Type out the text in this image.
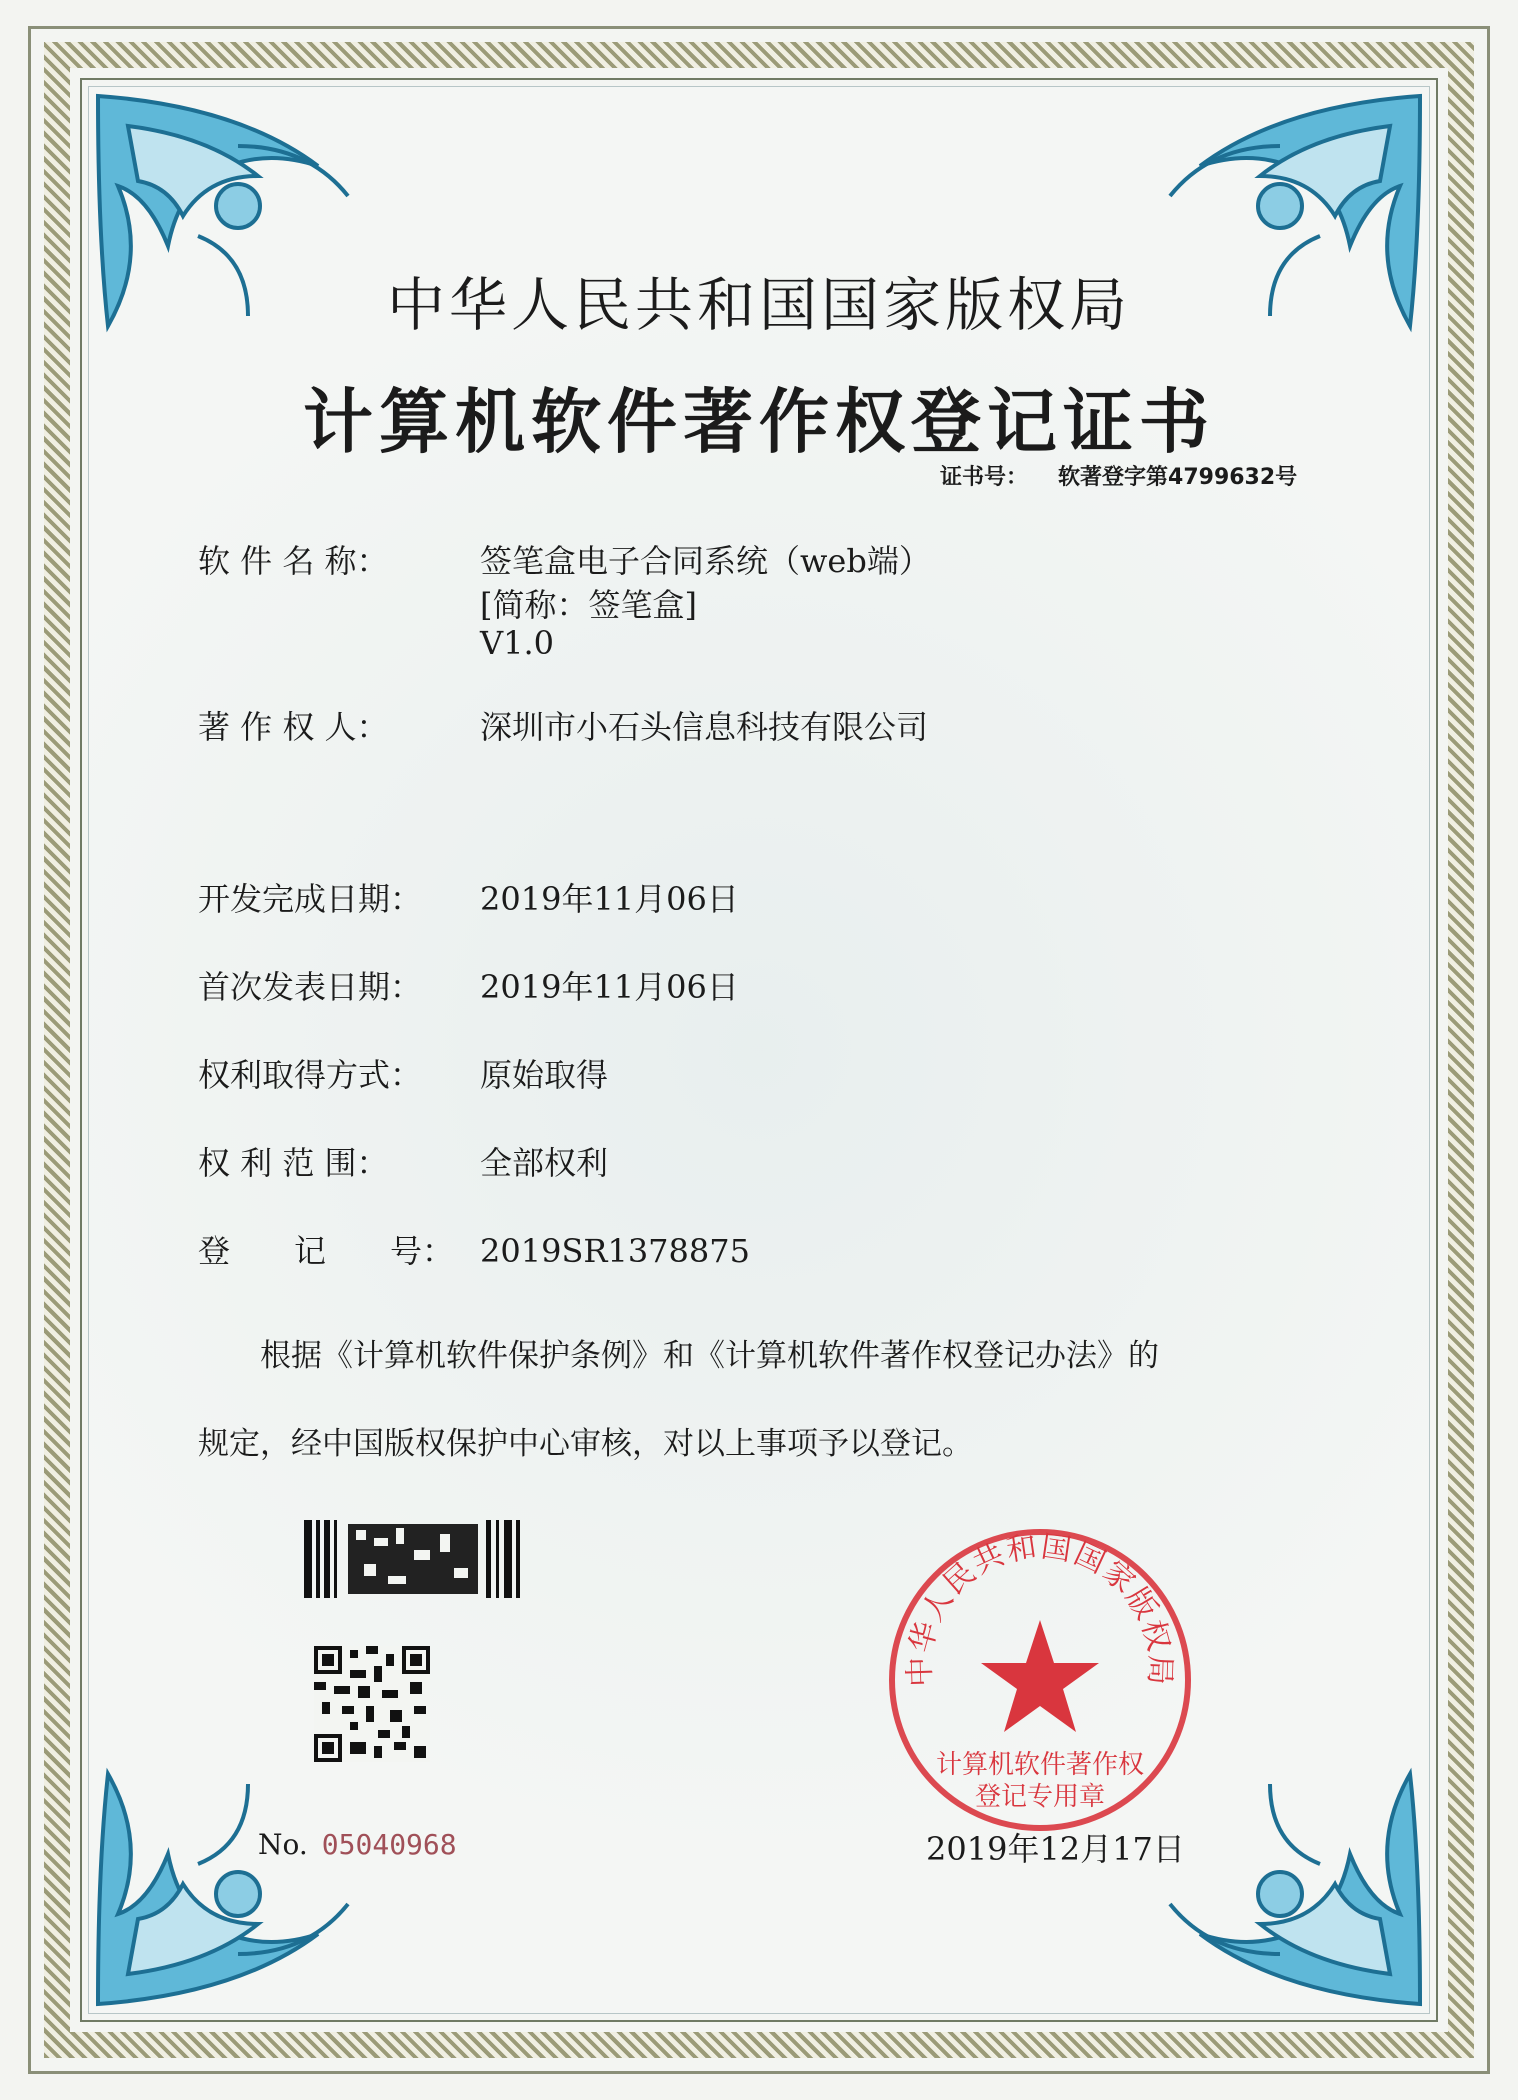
中华人民共和国国家版权局
计算机软件著作权登记证书
证书号： 软著登字第4799632号
软 件 名 称：	签笔盒电子合同系统（web端）
[简称：签笔盒]
V1.0
著 作 权 人：	深圳市小石头信息科技有限公司
开发完成日期： 2019年11月06日
首次发表日期： 2019年11月06日
权利取得方式： 原始取得
权 利 范 围：	全部权利
登　　记　　号： 2019SR1378875
　　根据《计算机软件保护条例》和《计算机软件著作权登记办法》的
规定，经中国版权保护中心审核，对以上事项予以登记。
No. 05040968
中华人民共和国国家版权局
计算机软件著作权
登记专用章
2019年12月17日
